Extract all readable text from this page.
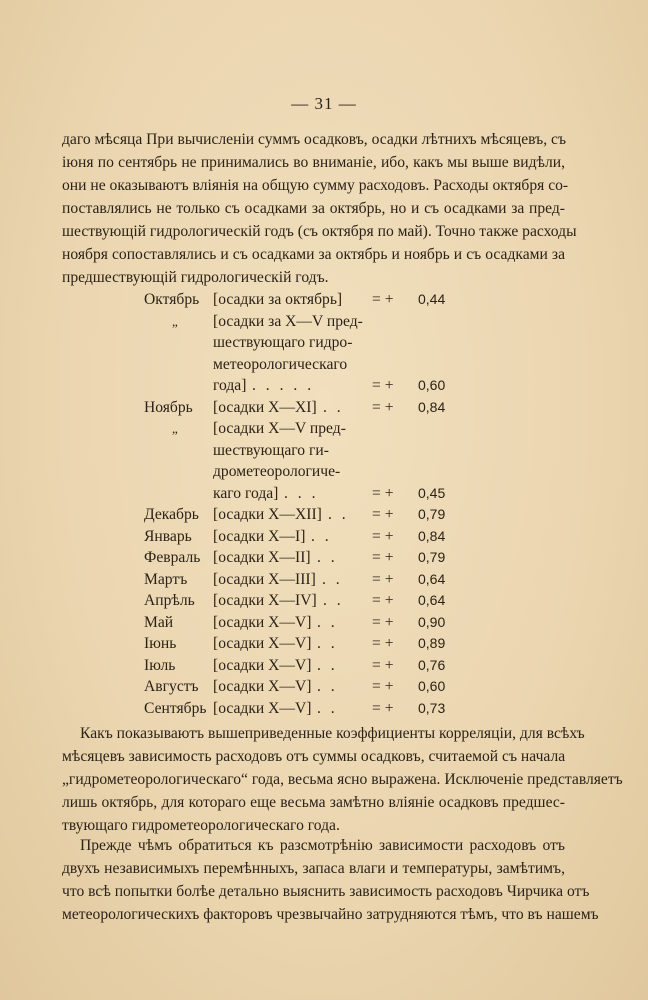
— 31 —
даго мѣсяца При вычисленіи суммъ осадковъ, осадки лѣтнихъ мѣсяцевъ, съ
іюня по сентябрь не принимались во вниманіе, ибо, какъ мы выше видѣли,
они не оказываютъ вліянія на общую сумму расходовъ. Расходы октября со-
поставлялись не только съ осадками за октябрь, но и съ осадками за пред-
шествующій гидрологическій годъ (съ октября по май). Точно также расходы
ноября сопоставлялись и съ осадками за октябрь и ноябрь и съ осадками за
предшествующій гидрологическій годъ.
Октябрь [осадки за октябрь] = + 0,44
„ [осадки за X—V пред-
шествующаго гидро-
метеорологическаго
года] . . . . .	= + 0,60
Ноябрь [осадки X—XI] . . = + 0,84
„ [осадки X—V пред-
шествующаго ги-
дрометеорологиче-
каго года] . . .	= + 0,45
Декабрь [осадки X—XII] . . = + 0,79
Январь [осадки X—I] . .	= + 0,84
Февраль [осадки X—II] . . = + 0,79
Мартъ [осадки X—III] . . = + 0,64
Апрѣль [осадки X—IV] . . = + 0,64
Май	[осадки X—V] . . = + 0,90
Іюнь [осадки X—V] . . = + 0,89
Іюль [осадки X—V] . . = + 0,76
Августъ [осадки X—V] . . = + 0,60
Сентябрь [осадки X—V] . . = + 0,73
Какъ показываютъ вышеприведенные коэффициенты корреляціи, для всѣхъ
мѣсяцевъ зависимость расходовъ отъ суммы осадковъ, считаемой съ начала
„гидрометеорологическаго“ года, весьма ясно выражена. Исключеніе представляетъ
лишь октябрь, для котораго еще весьма замѣтно вліяніе осадковъ предшес-
твующаго гидрометеорологическаго года.
Прежде чѣмъ обратиться къ разсмотрѣнію зависимости расходовъ отъ
двухъ независимыхъ перемѣнныхъ, запаса влаги и температуры, замѣтимъ,
что всѣ попытки болѣе детально выяснить зависимость расходовъ Чирчика отъ
метеорологическихъ факторовъ чрезвычайно затрудняются тѣмъ, что въ нашемъ
